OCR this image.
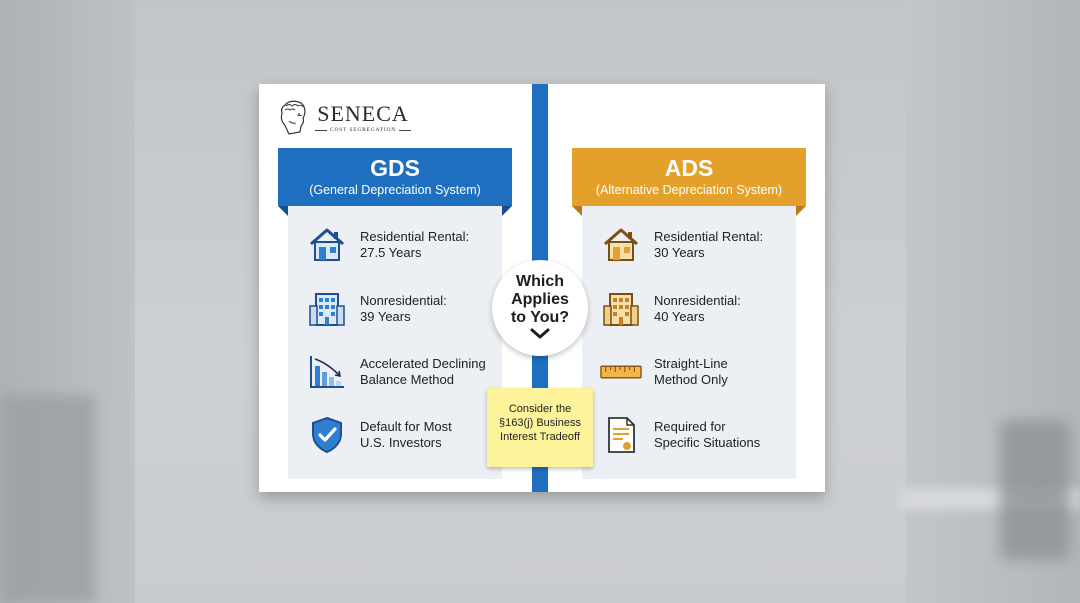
SENECA
COST SEGREGATION
GDS
(General Depreciation System)
ADS
(Alternative Depreciation System)
Residential Rental:
27.5 Years
Nonresidential:
39 Years
Accelerated Declining
Balance Method
Default for Most
U.S. Investors
Residential Rental:
30 Years
Nonresidential:
40 Years
Straight-Line
Method Only
Required for
Specific Situations
Which
Applies
to You?
Consider the
§163(j) Business
Interest Tradeoff
